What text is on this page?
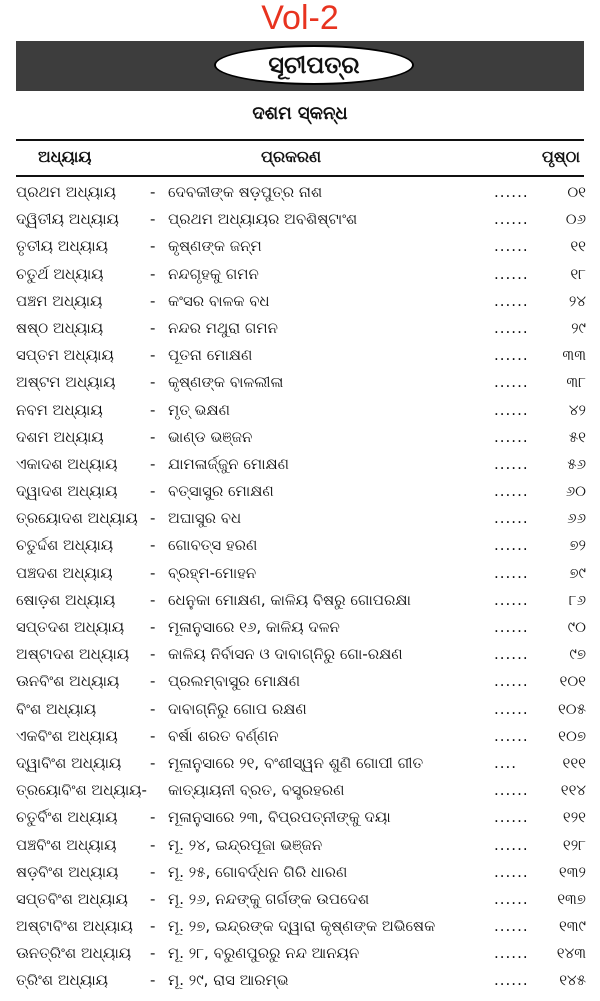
Vol-2
ସୂଚୀପତ୍ର
ଦଶମ ସ୍କନ୍ଧ
ଅଧ୍ୟାୟ	ପ୍ରକରଣ	ପୃଷ୍ଠା
ପ୍ରଥମ ଅଧ୍ୟାୟ - ଦେବକୀଙ୍କ ଷଡ଼ପୁତ୍ର ନାଶ	......	୦୧
ଦ୍ୱିତୀୟ ଅଧ୍ୟାୟ - ପ୍ରଥମ ଅଧ୍ୟାୟର ଅବଶିଷ୍ଟାଂଶ	...... ୦୬
ତୃତୀୟ ଅଧ୍ୟାୟ	- କୃଷ୍ଣଙ୍କ ଜନ୍ମ	......	୧୧
ଚତୁର୍ଥ ଅଧ୍ୟାୟ	- ନନ୍ଦଗୃହକୁ ଗମନ	......	୧୮
ପଞ୍ଚମ ଅଧ୍ୟାୟ	- କଂସର ବାଳକ ବଧ	......	୨୪
ଷଷ୍ଠ ଅଧ୍ୟାୟ	- ନନ୍ଦର ମଥୁରା ଗମନ	......	୨୯
ସପ୍ତମ ଅଧ୍ୟାୟ - ପୂତନା ମୋକ୍ଷଣ	...... ୩୩
ଅଷ୍ଟମ ଅଧ୍ୟାୟ - କୃଷ୍ଣଙ୍କ ବାଳଲୀଳା	......	୩୮
ନବମ ଅଧ୍ୟାୟ	- ମୃତ୍ ଭକ୍ଷଣ	......	୪୨
ଦଶମ ଅଧ୍ୟାୟ	- ଭାଣ୍ଡ ଭଞ୍ଜନ	......	୫୧
ଏକାଦଶ ଅଧ୍ୟାୟ - ଯାମଳାର୍ଜ୍ଜୁନ ମୋକ୍ଷଣ	......	୫୬
ଦ୍ୱାଦଶ ଅଧ୍ୟାୟ - ବତ୍ସାସୁର ମୋକ୍ଷଣ	...... ୬୦
ତ୍ରୟୋଦଶ ଅଧ୍ୟାୟ - ଅଘାସୁର ବଧ	......	୬୬
ଚତୁର୍ଦ୍ଦଶ ଅଧ୍ୟାୟ - ଗୋବତ୍ସ ହରଣ	......	୭୨
ପଞ୍ଚଦଶ ଅଧ୍ୟାୟ - ବ୍ରହ୍ମ-ମୋହନ	......	୭୯
ଷୋଡ଼ଶ ଅଧ୍ୟାୟ - ଧେନୁକା ମୋକ୍ଷଣ, କାଳିୟ ବିଷରୁ ଗୋପରକ୍ଷା	......	୮୬
ସପ୍ତଦଶ ଅଧ୍ୟାୟ - ମୂଳାନୁସାରେ ୧୬, କାଳିୟ ଦଳନ	......	୯୦
ଅଷ୍ଟାଦଶ ଅଧ୍ୟାୟ - କାଳିୟ ନିର୍ବାସନ ଓ ଦାବାଗ୍ନିରୁ ଗୋ-ରକ୍ଷଣ	......	୯୭
ଊନବିଂଶ ଅଧ୍ୟାୟ - ପ୍ରଲମ୍ବାସୁର ମୋକ୍ଷଣ	...... ୧୦୧
ବିଂଶ ଅଧ୍ୟାୟ	- ଦାବାଗ୍ନିରୁ ଗୋପ ରକ୍ଷଣ	...... ୧୦୫
ଏକବିଂଶ ଅଧ୍ୟାୟ - ବର୍ଷା ଶରତ ବର୍ଣ୍ଣନ	...... ୧୦୭
ଦ୍ୱାବିଂଶ ଅଧ୍ୟାୟ - ମୂଳାନୁସାରେ ୨୧, ବଂଶୀସ୍ୱନ ଶୁଣି ଗୋପୀ ଗୀତ	....	୧୧୧
ତ୍ରୟୋବିଂଶ ଅଧ୍ୟାୟ- କାତ୍ୟାୟନୀ ବ୍ରତ, ବସ୍ତ୍ରହରଣ	...... ୧୧୪
ଚତୁର୍ବିଂଶ ଅଧ୍ୟାୟ - ମୂଳାନୁସାରେ ୨୩, ବିପ୍ରପତ୍ନୀଙ୍କୁ ଦୟା	...... ୧୨୧
ପଞ୍ଚବିଂଶ ଅଧ୍ୟାୟ - ମୂ. ୨୪, ଇନ୍ଦ୍ରପୂଜା ଭଞ୍ଜନ	...... ୧୨୮
ଷଡ଼ବିଂଶ ଅଧ୍ୟାୟ - ମୂ. ୨୫, ଗୋବର୍ଦ୍ଧନ ଗିରି ଧାରଣ	...... ୧୩୨
ସପ୍ତବିଂଶ ଅଧ୍ୟାୟ - ମୂ. ୨୬, ନନ୍ଦଙ୍କୁ ଗର୍ଗଙ୍କ ଉପଦେଶ	...... ୧୩୭
ଅଷ୍ଟାବିଂଶ ଅଧ୍ୟାୟ - ମୂ. ୨୭, ଇନ୍ଦ୍ରଙ୍କ ଦ୍ୱାରା କୃଷ୍ଣଙ୍କ ଅଭିଷେକ	...... ୧୩୯
ଊନତ୍ରିଂଶ ଅଧ୍ୟାୟ - ମୂ. ୨୮, ବରୁଣପୁରରୁ ନନ୍ଦ ଆନୟନ	...... ୧୪୩
ତ୍ରିଂଶ ଅଧ୍ୟାୟ	- ମୂ. ୨୯, ରାସ ଆରମ୍ଭ	...... ୧୪୫
